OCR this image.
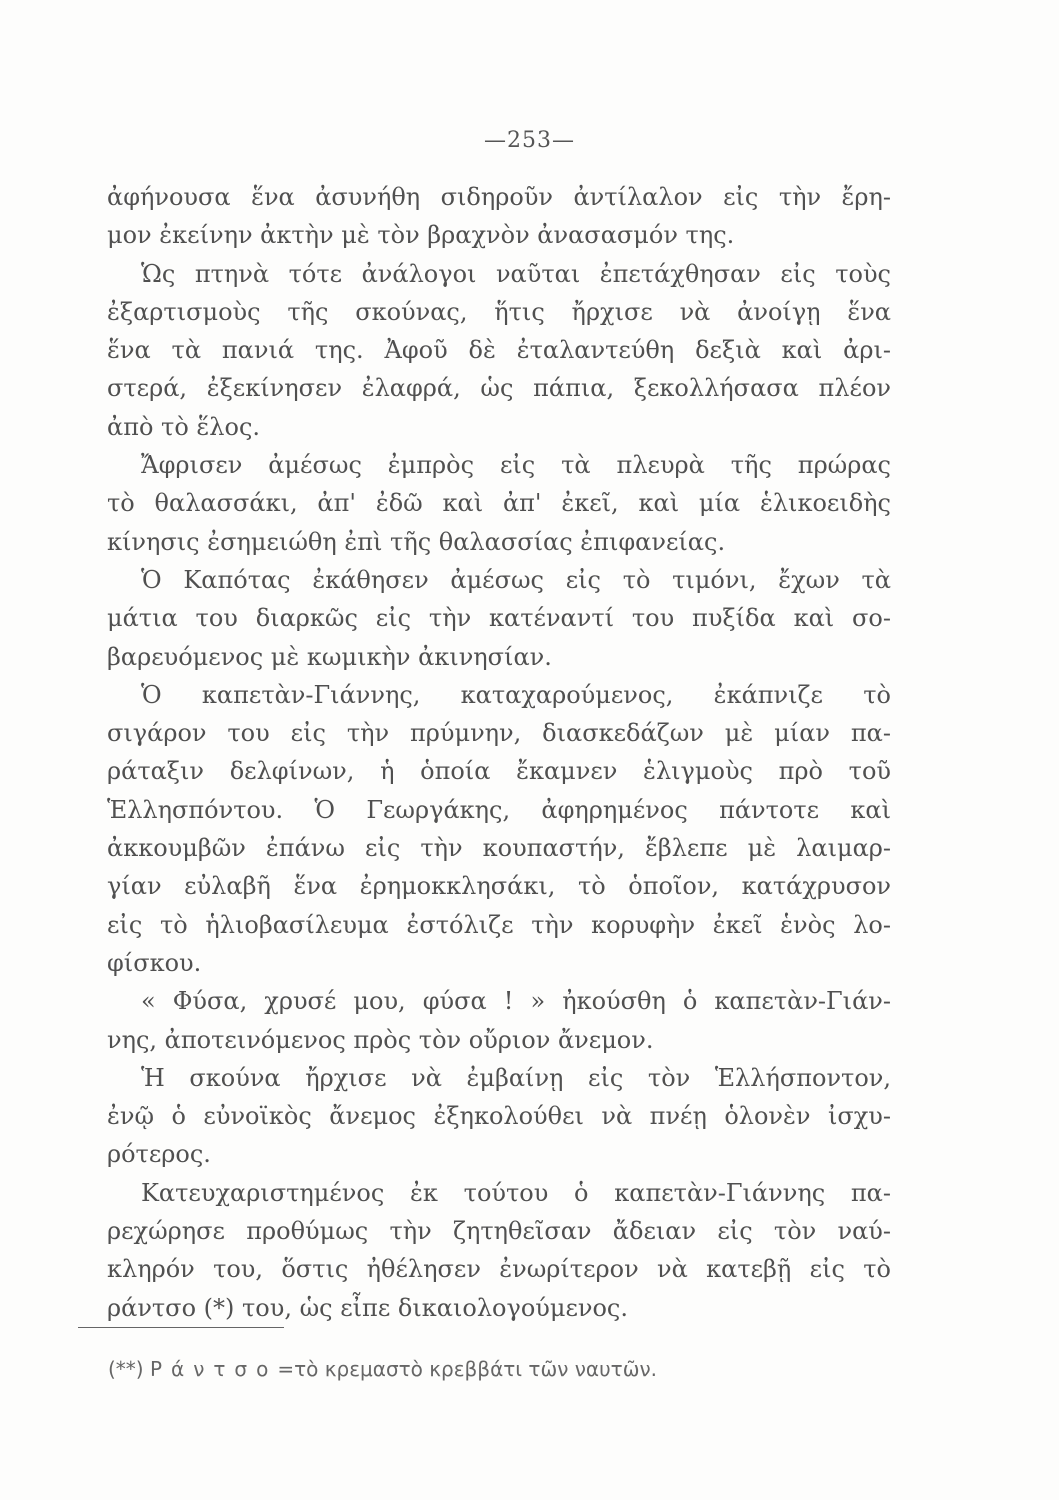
—253—
ἀφήνουσα ἕνα ἀσυνήθη σιδηροῦν ἀντίλαλον εἰς τὴν ἔρη-
μον ἐκείνην ἀκτὴν μὲ τὸν βραχνὸν ἀνασασμόν της.
Ὡς πτηνὰ τότε ἀνάλογοι ναῦται ἐπετάχθησαν εἰς τοὺς
ἐξαρτισμοὺς τῆς σκούνας, ἥτις ἤρχισε νὰ ἀνοίγῃ ἕνα
ἕνα τὰ πανιά της. Ἀφοῦ δὲ ἐταλαντεύθη δεξιὰ καὶ ἀρι-
στερά, ἐξεκίνησεν ἐλαφρά, ὡς πάπια, ξεκολλήσασα πλέον
ἀπὸ τὸ ἕλος.
Ἄφρισεν ἀμέσως ἐμπρὸς εἰς τὰ πλευρὰ τῆς πρώρας
τὸ θαλασσάκι, ἀπ' ἐδῶ καὶ ἀπ' ἐκεῖ, καὶ μία ἑλικοειδὴς
κίνησις ἐσημειώθη ἐπὶ τῆς θαλασσίας ἐπιφανείας.
Ὁ Καπότας ἐκάθησεν ἀμέσως εἰς τὸ τιμόνι, ἔχων τὰ
μάτια του διαρκῶς εἰς τὴν κατέναντί του πυξίδα καὶ σο-
βαρευόμενος μὲ κωμικὴν ἀκινησίαν.
Ὁ καπετὰν-Γιάννης, καταχαρούμενος, ἐκάπνιζε τὸ
σιγάρον του εἰς τὴν πρύμνην, διασκεδάζων μὲ μίαν πα-
ράταξιν δελφίνων, ἡ ὁποία ἔκαμνεν ἑλιγμοὺς πρὸ τοῦ
Ἑλλησπόντου. Ὁ Γεωργάκης, ἀφηρημένος πάντοτε καὶ
ἀκκουμβῶν ἐπάνω εἰς τὴν κουπαστήν, ἔβλεπε μὲ λαιμαρ-
γίαν εὐλαβῆ ἕνα ἐρημοκκλησάκι, τὸ ὁποῖον, κατάχρυσον
εἰς τὸ ἡλιοβασίλευμα ἐστόλιζε τὴν κορυφὴν ἐκεῖ ἑνὸς λο-
φίσκου.
« Φύσα, χρυσέ μου, φύσα ! » ἠκούσθη ὁ καπετὰν-Γιάν-
νης, ἀποτεινόμενος πρὸς τὸν οὔριον ἄνεμον.
Ἡ σκούνα ἤρχισε νὰ ἐμβαίνῃ εἰς τὸν Ἑλλήσποντον,
ἐνῷ ὁ εὐνοϊκὸς ἄνεμος ἐξηκολούθει νὰ πνέῃ ὁλονὲν ἰσχυ-
ρότερος.
Κατευχαριστημένος ἐκ τούτου ὁ καπετὰν-Γιάννης πα-
ρεχώρησε προθύμως τὴν ζητηθεῖσαν ἄδειαν εἰς τὸν ναύ-
κληρόν του, ὅστις ἠθέλησεν ἐνωρίτερον νὰ κατεβῇ εἰς τὸ
ράντσο (*) του, ὡς εἶπε δικαιολογούμενος.
(**) Ράντσο=τὸ κρεμαστὸ κρεββάτι τῶν ναυτῶν.
